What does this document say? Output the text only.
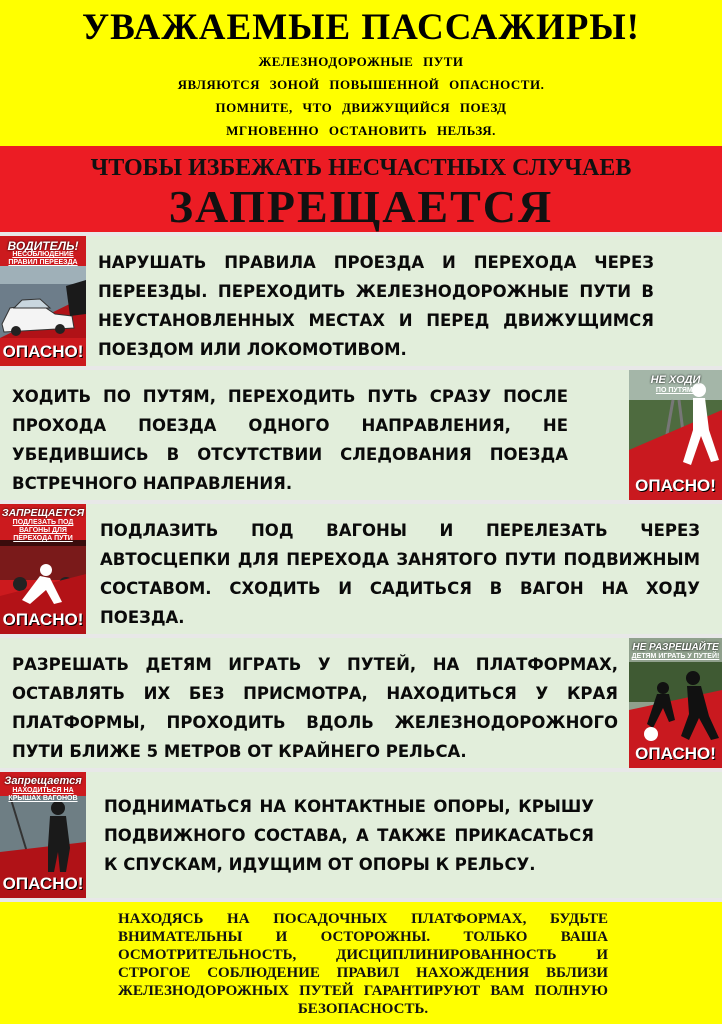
УВАЖАЕМЫЕ ПАССАЖИРЫ!
ЖЕЛЕЗНОДОРОЖНЫЕ ПУТИ
ЯВЛЯЮТСЯ ЗОНОЙ ПОВЫШЕННОЙ ОПАСНОСТИ.
ПОМНИТЕ, ЧТО ДВИЖУЩИЙСЯ ПОЕЗД
МГНОВЕННО ОСТАНОВИТЬ НЕЛЬЗЯ.
ЧТОБЫ ИЗБЕЖАТЬ НЕСЧАСТНЫХ СЛУЧАЕВ
ЗАПРЕЩАЕТСЯ
ВОДИТЕЛЬ!
НЕСОБЛЮДЕНИЕ ПРАВИЛ ПЕРЕЕЗДА
ОПАСНО!
НАРУШАТЬ ПРАВИЛА ПРОЕЗДА И ПЕРЕХОДА ЧЕРЕЗ ПЕРЕЕЗДЫ. ПЕРЕХОДИТЬ ЖЕЛЕЗНОДОРОЖНЫЕ ПУТИ В НЕУСТАНОВЛЕННЫХ МЕСТАХ И ПЕРЕД ДВИЖУЩИМСЯ ПОЕЗДОМ ИЛИ ЛОКОМОТИВОМ.
ХОДИТЬ ПО ПУТЯМ, ПЕРЕХОДИТЬ ПУТЬ СРАЗУ ПОСЛЕ ПРОХОДА ПОЕЗДА ОДНОГО НАПРАВЛЕНИЯ, НЕ УБЕДИВШИСЬ В ОТСУТСТВИИ СЛЕДОВАНИЯ ПОЕЗДА ВСТРЕЧНОГО НАПРАВЛЕНИЯ.
НЕ ХОДИ
ПО ПУТЯМ!
ОПАСНО!
ЗАПРЕЩАЕТСЯ
ПОДЛЕЗАТЬ ПОД ВАГОНЫ ДЛЯ ПЕРЕХОДА ПУТИ
ОПАСНО!
ПОДЛАЗИТЬ ПОД ВАГОНЫ И ПЕРЕЛЕЗАТЬ ЧЕРЕЗ АВТОСЦЕПКИ ДЛЯ ПЕРЕХОДА ЗАНЯТОГО ПУТИ ПОДВИЖНЫМ СОСТАВОМ. СХОДИТЬ И САДИТЬСЯ В ВАГОН НА ХОДУ ПОЕЗДА.
РАЗРЕШАТЬ ДЕТЯМ ИГРАТЬ У ПУТЕЙ, НА ПЛАТФОРМАХ, ОСТАВЛЯТЬ ИХ БЕЗ ПРИСМОТРА, НАХОДИТЬСЯ У КРАЯ ПЛАТФОРМЫ, ПРОХОДИТЬ ВДОЛЬ ЖЕЛЕЗНОДОРОЖНОГО ПУТИ БЛИЖЕ 5 МЕТРОВ ОТ КРАЙНЕГО РЕЛЬСА.
НЕ РАЗРЕШАЙТЕ
ДЕТЯМ ИГРАТЬ У ПУТЕЙ!
ОПАСНО!
Запрещается
НАХОДИТЬСЯ НА КРЫШАХ ВАГОНОВ
ОПАСНО!
ПОДНИМАТЬСЯ НА КОНТАКТНЫЕ ОПОРЫ, КРЫШУ ПОДВИЖНОГО СОСТАВА, А ТАКЖЕ ПРИКАСАТЬСЯ К СПУСКАМ, ИДУЩИМ ОТ ОПОРЫ К РЕЛЬСУ.
НАХОДЯСЬ НА ПОСАДОЧНЫХ ПЛАТФОРМАХ, БУДЬТЕ ВНИМАТЕЛЬНЫ И ОСТОРОЖНЫ. ТОЛЬКО ВАША ОСМОТРИТЕЛЬНОСТЬ, ДИСЦИПЛИНИРОВАННОСТЬ И СТРОГОЕ СОБЛЮДЕНИЕ ПРАВИЛ НАХОЖДЕНИЯ ВБЛИЗИ ЖЕЛЕЗНОДОРОЖНЫХ ПУТЕЙ ГАРАНТИРУЮТ ВАМ ПОЛНУЮ БЕЗОПАСНОСТЬ.
